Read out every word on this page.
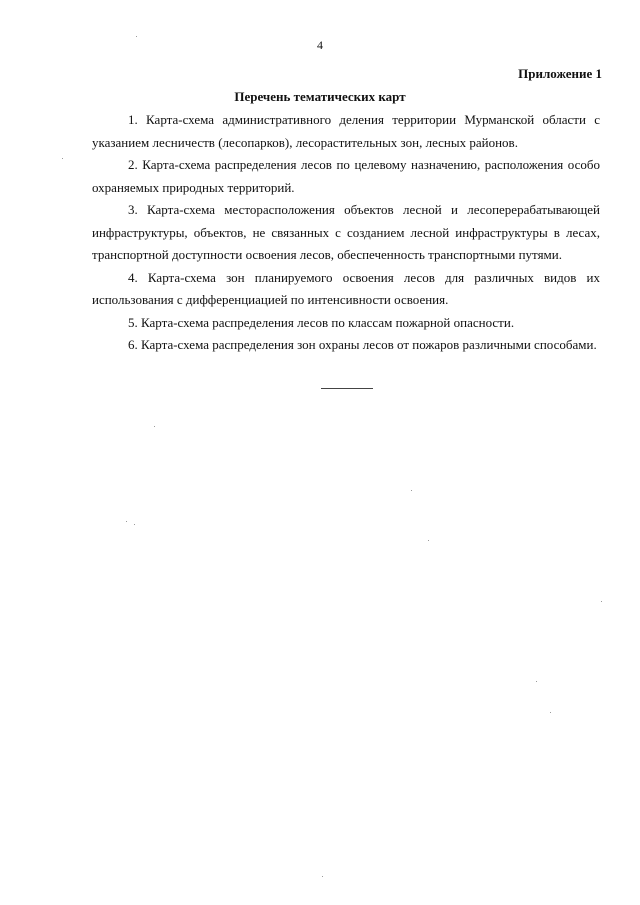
4
Приложение 1
Перечень тематических карт
1. Карта-схема административного деления территории Мурманской области с указанием лесничеств (лесопарков), лесорастительных зон, лесных районов.
2. Карта-схема распределения лесов по целевому назначению, расположения особо охраняемых природных территорий.
3. Карта-схема месторасположения объектов лесной и лесоперерабатывающей инфраструктуры, объектов, не связанных с созданием лесной инфраструктуры в лесах, транспортной доступности освоения лесов, обеспеченность транспортными путями.
4. Карта-схема зон планируемого освоения лесов для различных видов их использования с дифференциацией по интенсивности освоения.
5. Карта-схема распределения лесов по классам пожарной опасности.
6. Карта-схема распределения зон охраны лесов от пожаров различными способами.
